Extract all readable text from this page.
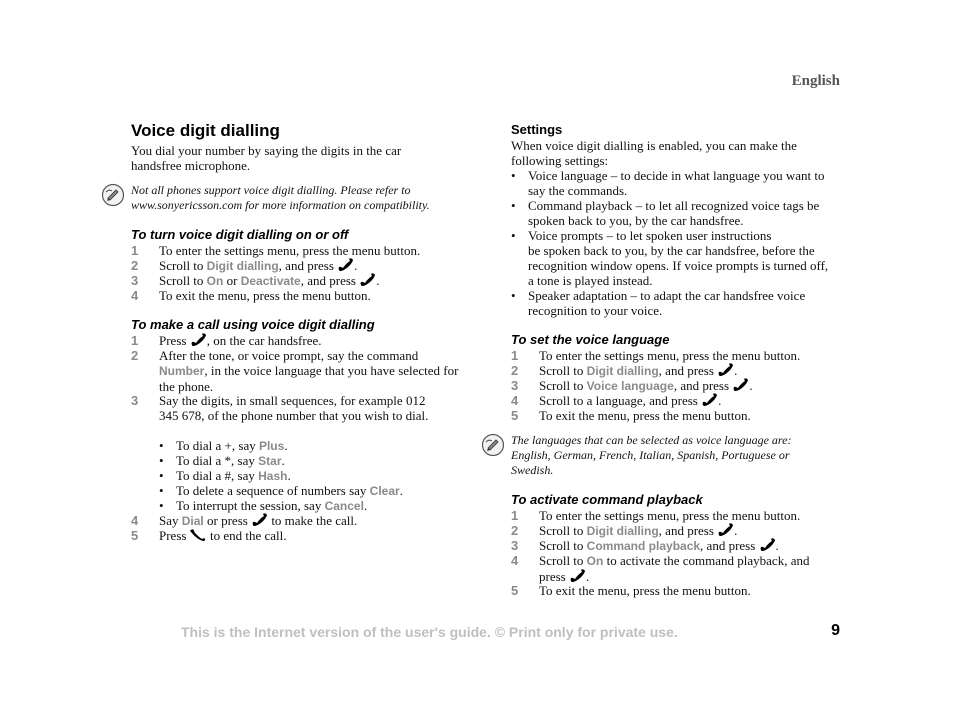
English
Voice digit dialling

You dial your number by saying the digits in the car handsfree microphone.

Not all phones support voice digit dialling. Please refer to www.sonyericsson.com for more information on compatibility.

To turn voice digit dialling on or off
1 To enter the settings menu, press the menu button.
2 Scroll to Digit dialling, and press .
3 Scroll to On or Deactivate, and press .
4 To exit the menu, press the menu button.
To make a call using voice digit dialling
1 Press , on the car handsfree.
2 After the tone, or voice prompt, say the command Number, in the voice language that you have selected for the phone.
3 Say the digits, in small sequences, for example 012 345 678, of the phone number that you wish to dial.
• To dial a +, say Plus.
• To dial a *, say Star.
• To dial a #, say Hash.
• To delete a sequence of numbers say Clear.
• To interrupt the session, say Cancel.
4 Say Dial or press  to make the call.
5 Press  to end the call.
Settings

When voice digit dialling is enabled, you can make the following settings:

• Voice language – to decide in what language you want to say the commands.
• Command playback – to let all recognized voice tags be spoken back to you, by the car handsfree.
• Voice prompts – to let spoken user instructions
be spoken back to you, by the car handsfree, before the recognition window opens. If voice prompts is turned off, a tone is played instead.
• Speaker adaptation – to adapt the car handsfree voice recognition to your voice.
To set the voice language
1 To enter the settings menu, press the menu button.
2 Scroll to Digit dialling, and press .
3 Scroll to Voice language, and press .
4 Scroll to a language, and press .
5 To exit the menu, press the menu button.

The languages that can be selected as voice language are: English, German, French, Italian, Spanish, Portuguese or Swedish.

To activate command playback
1 To enter the settings menu, press the menu button.
2 Scroll to Digit dialling, and press .
3 Scroll to Command playback, and press .
4 Scroll to On to activate the command playback, and press .
5 To exit the menu, press the menu button.
This is the Internet version of the user's guide. © Print only for private use.	9
